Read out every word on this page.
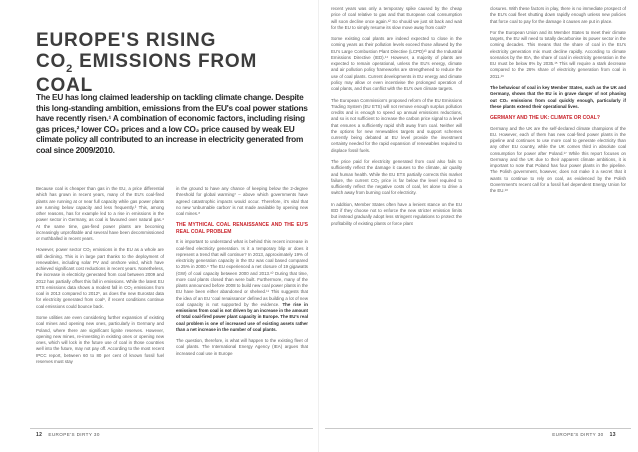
EUROPE'S RISING
$CO_2$ EMISSIONS FROM COAL
The EU has long claimed leadership on tackling climate change. Despite this long-standing ambition, emissions from the EU's coal power stations have recently risen.¹ A combination of economic factors, including rising gas prices,² lower CO₂ prices and a low CO₂ price caused by weak EU climate policy all contributed to an increase in electricity generated from coal since 2009/2010.

Because coal is cheaper than gas in the EU, a price differential which has grown in recent years, many of the EU's coal-fired plants are running at or near full capacity while gas power plants are running below capacity and less frequently.³ This, among other reasons, has for example led to a rise in emissions in the power sector in Germany, as coal is favoured over natural gas.⁴ At the same time, gas-fired power plants are becoming increasingly unprofitable and several have been decommissioned or mothballed in recent years.

However, power sector CO₂ emissions in the EU as a whole are still declining. This is in large part thanks to the deployment of renewables, including solar PV and onshore wind, which have achieved significant cost reductions in recent years. Nonetheless, the increase in electricity generated from coal between 2009 and 2012 has partially offset this fall in emissions. While the latest EU ETS emissions data shows a modest fall in CO₂ emissions from coal in 2013 compared to 2012⁵, as does the new Eurostat data for electricity generated from coal⁶, if recent conditions continue coal emissions could bounce back.

Some utilities are even considering further expansion of existing coal mines and opening new ones, particularly in Germany and Poland, where there are significant lignite reserves. However, opening new mines, re-investing in existing ones or opening new ones, which will lock in the future use of coal in those countries well into the future, may not pay off. According to the most recent IPCC report, between 60 to 80 per cent of known fossil fuel reserves must stay

in the ground to have any chance of keeping below the 2-degree threshold for global warming⁷ – above which governments have agreed catastrophic impacts would occur. Therefore, it's vital that no new 'unburnable carbon' is not made available by opening new coal mines.⁸

THE MYTHICAL COAL RENAISSANCE AND THE EU'S REAL COAL PROBLEM

It is important to understand what is behind this recent increase in coal-fired electricity generation. Is it a temporary blip or does it represent a trend that will continue? In 2013, approximately 19% of electricity generation capacity in the EU was coal based compared to 25% in 2000.⁹ The EU experienced a net closure of 19 gigawatts (GW) of coal capacity between 2000 and 2013.¹⁰ During that time, more coal plants closed than were built. Furthermore, many of the plants announced before 2008 to build new coal power plants in the EU have been either abandoned or shelved.¹¹ This suggests that the idea of an EU 'coal renaissance' defined as building a lot of new coal capacity is not supported by the evidence. The rise in emissions from coal is not driven by an increase in the amount of total coal-fired power plant capacity in Europe. The EU's real coal problem is one of increased use of existing assets rather than a net increase in the number of coal plants.

The question, therefore, is what will happen to the existing fleet of coal plants. The International Energy Agency (IEA) argues that increased coal use in Europe

12 EUROPE'S DIRTY 30

recent years was only a temporary spike caused by the cheap price of coal relative to gas and that European coal consumption will soon decline once again.¹² So should we just sit back and wait for the EU to simply resume its slow move away from coal?

Some existing coal plants are indeed expected to close in the coming years as their pollution levels exceed those allowed by the EU's Large Combustion Plant Directive (LCPD)¹³ and the Industrial Emissions Directive (IED).¹⁴ However, a majority of plants are expected to remain operational, unless the EU's energy, climate and air pollution policy frameworks are strengthened to reduce the use of coal plants. Current developments in EU energy and climate policy may allow or even incentivise the prolonged operation of coal plants, and thus conflict with the EU's own climate targets.

The European Commission's proposed reform of the EU Emissions Trading System (EU ETS) will not remove enough surplus pollution credits and is enough to speed up annual emissions reductions, and so is not sufficient to increase the carbon price signal to a level that ensures a sufficiently rapid shift away from coal. Neither will the options for new renewables targets and support schemes currently being debated at EU level provide the investment certainty needed for the rapid expansion of renewables required to displace fossil fuels.

The price paid for electricity generated from coal also fails to sufficiently reflect the damage it causes to the climate, air quality and human health. While the EU ETS partially corrects this market failure, the current CO₂ price is far below the level required to sufficiently reflect the negative costs of coal, let alone to drive a switch away from burning coal for electricity.

In addition, Member States often have a lenient stance on the EU IED if they choose not to enforce the new stricter emission limits but instead gradually adopt less stringent regulations to protect the profitability of existing plants or force plant

closures. With these factors in play, there is no immediate prospect of the EU's coal fleet shutting down rapidly enough unless new policies that force coal to pay for the damage it causes are put in place.

For the European Union and its Member States to meet their climate targets, the EU will need to totally decarbonise its power sector in the coming decades. This means that the share of coal in the EU's electricity generation mix must decline rapidly. According to climate scenarios by the IEA, the share of coal in electricity generation in the EU must be below 8% by 2035.¹⁵ This will require a stark decrease compared to the 26% share of electricity generation from coal in 2011.¹⁶

The behaviour of coal in key Member States, such as the UK and Germany, shows that the EU is in grave danger of not phasing out CO₂ emissions from coal quickly enough, particularly if these plants extend their operational lives.

GERMANY AND THE UK: CLIMATE OR COAL?

Germany and the UK are the self-declared climate champions of the EU. However, each of them has new coal-fired power plants in the pipeline and continues to use more coal to generate electricity than any other EU country, while the UK comes third in absolute coal consumption for power after Poland.¹⁷ While this report focuses on Germany and the UK due to their apparent climate ambitions, it is important to note that Poland has four power plants in the pipeline. The Polish government, however, does not make it a secret that it wants to continue to rely on coal, as evidenced by the Polish Government's recent call for a fossil fuel dependent Energy Union for the EU.¹⁸

EUROPE'S DIRTY 30 13
